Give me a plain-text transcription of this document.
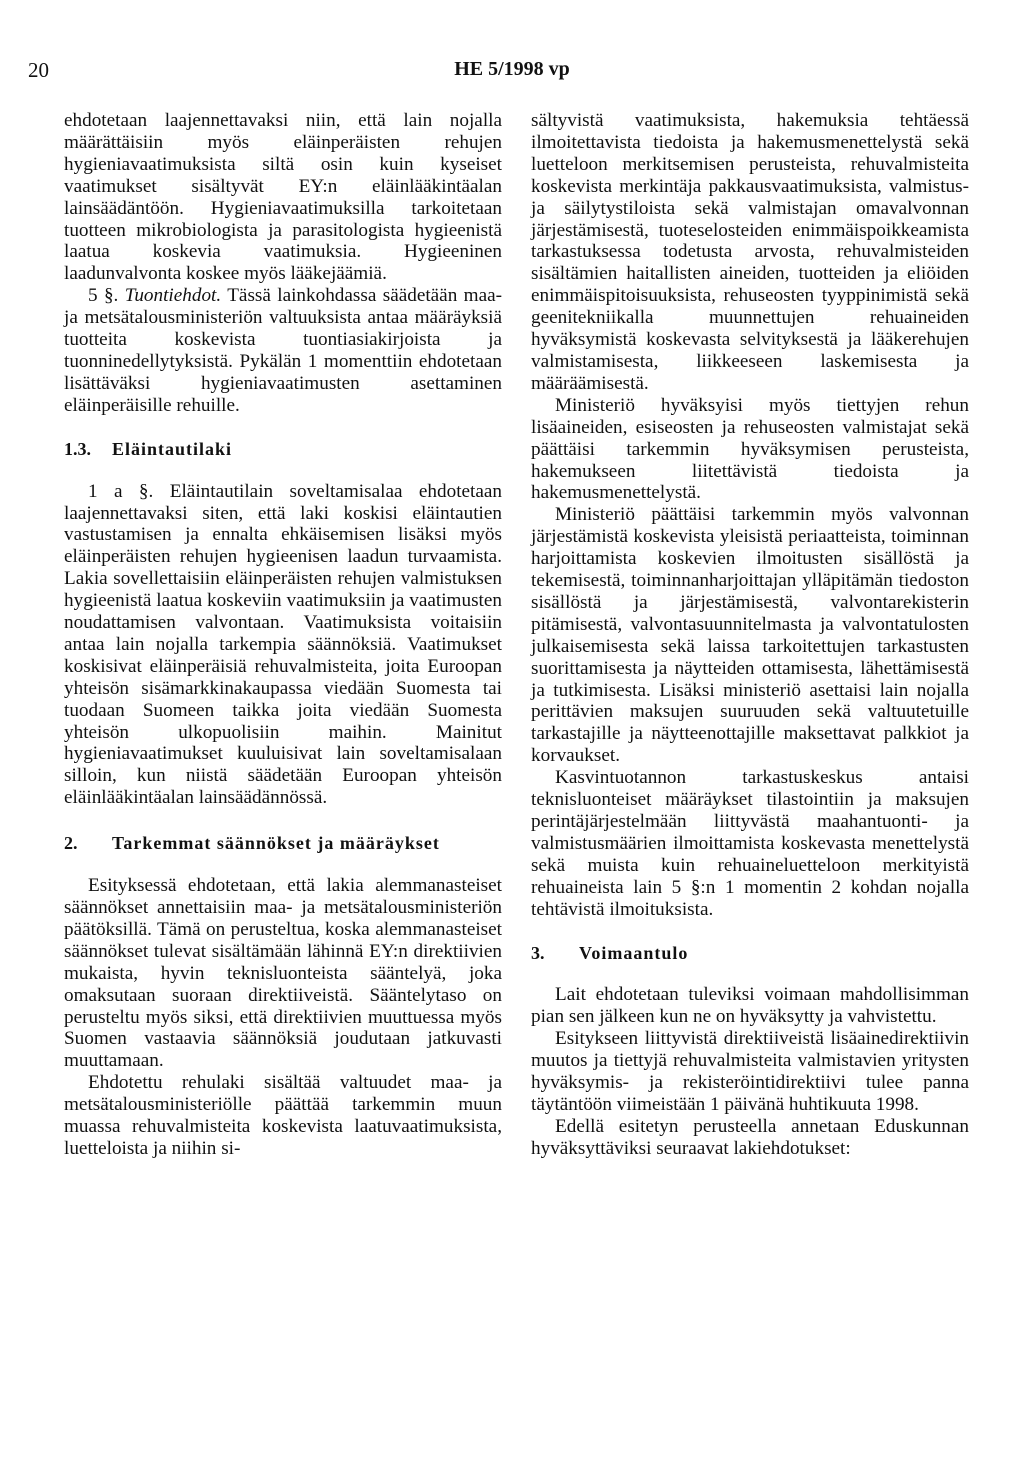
20	HE 5/1998 vp

ehdotetaan laajennettavaksi niin, että lain nojalla määrättäisiin myös eläinperäisten rehujen hygieniavaatimuksista siltä osin kuin kyseiset vaatimukset sisältyvät EY:n eläinlääkintäalan lainsäädäntöön. Hygieniavaatimuksilla tarkoitetaan tuotteen mikrobiologista ja parasitologista hygieenistä laatua koskevia vaatimuksia. Hygieeninen laadunvalvonta koskee myös lääkejäämiä.

5 §. Tuontiehdot. Tässä lainkohdassa säädetään maa- ja metsätalousministeriön valtuuksista antaa määräyksiä tuotteita koskevista tuontiasiakirjoista ja tuonninedellytyksistä. Pykälän 1 momenttiin ehdotetaan lisättäväksi hygieniavaatimusten asettaminen eläinperäisille rehuille.

1.3. Eläintautilaki

1 a §. Eläintautilain soveltamisalaa ehdotetaan laajennettavaksi siten, että laki koskisi eläintautien vastustamisen ja ennalta ehkäisemisen lisäksi myös eläinperäisten rehujen hygieenisen laadun turvaamista. Lakia sovellettaisiin eläinperäisten rehujen valmistuksen hygieenistä laatua koskeviin vaatimuksiin ja vaatimusten noudattamisen valvontaan. Vaatimuksista voitaisiin antaa lain nojalla tarkempia säännöksiä. Vaatimukset koskisivat eläinperäisiä rehuvalmisteita, joita Euroopan yhteisön sisämarkkinakaupassa viedään Suomesta tai tuodaan Suomeen taikka joita viedään Suomesta yhteisön ulkopuolisiin maihin. Mainitut hygieniavaatimukset kuuluisivat lain soveltamisalaan silloin, kun niistä säädetään Euroopan yhteisön eläinlääkintäalan lainsäädännössä.

2.	Tarkemmat säännökset ja määräykset

Esityksessä ehdotetaan, että lakia alemmanasteiset säännökset annettaisiin maa- ja metsätalousministeriön päätöksillä. Tämä on perusteltua, koska alemmanasteiset säännökset tulevat sisältämään lähinnä EY:n direktiivien mukaista, hyvin teknisluonteista sääntelyä, joka omaksutaan suoraan direktiiveistä. Sääntelytaso on perusteltu myös siksi, että direktiivien muuttuessa myös Suomen vastaavia säännöksiä joudutaan jatkuvasti muuttamaan.

Ehdotettu rehulaki sisältää valtuudet maa- ja metsätalousministeriölle päättää tarkemmin muun muassa rehuvalmisteita koskevista laatuvaatimuksista, luetteloista ja niihin si-

sältyvistä vaatimuksista, hakemuksia tehtäessä ilmoitettavista tiedoista ja hakemusmenettelystä sekä luetteloon merkitsemisen perusteista, rehuvalmisteita koskevista merkintäja pakkausvaatimuksista, valmistus- ja säilytystiloista sekä valmistajan omavalvonnan järjestämisestä, tuoteselosteiden enimmäispoikkeamista tarkastuksessa todetusta arvosta, rehuvalmisteiden sisältämien haitallisten aineiden, tuotteiden ja eliöiden enimmäispitoisuuksista, rehuseosten tyyppinimistä sekä geenitekniikalla muunnettujen rehuaineiden hyväksymistä koskevasta selvityksestä ja lääkerehujen valmistamisesta, liikkeeseen laskemisesta ja määräämisestä.

Ministeriö hyväksyisi myös tiettyjen rehun lisäaineiden, esiseosten ja rehuseosten valmistajat sekä päättäisi tarkemmin hyväksymisen perusteista, hakemukseen liitettävistä tiedoista ja hakemusmenettelystä.

Ministeriö päättäisi tarkemmin myös valvonnan järjestämistä koskevista yleisistä periaatteista, toiminnan harjoittamista koskevien ilmoitusten sisällöstä ja tekemisestä, toiminnanharjoittajan ylläpitämän tiedoston sisällöstä ja järjestämisestä, valvontarekisterin pitämisestä, valvontasuunnitelmasta ja valvontatulosten julkaisemisesta sekä laissa tarkoitettujen tarkastusten suorittamisesta ja näytteiden ottamisesta, lähettämisestä ja tutkimisesta. Lisäksi ministeriö asettaisi lain nojalla perittävien maksujen suuruuden sekä valtuutetuille tarkastajille ja näytteenottajille maksettavat palkkiot ja korvaukset.

Kasvintuotannon tarkastuskeskus antaisi teknisluonteiset määräykset tilastointiin ja maksujen perintäjärjestelmään liittyvästä maahantuonti- ja valmistusmäärien ilmoittamista koskevasta menettelystä sekä muista kuin rehuaineluetteloon merkityistä rehuaineista lain 5 §:n 1 momentin 2 kohdan nojalla tehtävistä ilmoituksista.

3. Voimaantulo

Lait ehdotetaan tuleviksi voimaan mahdollisimman pian sen jälkeen kun ne on hyväksytty ja vahvistettu.

Esitykseen liittyvistä direktiiveistä lisäainedirektiivin muutos ja tiettyjä rehuvalmisteita valmistavien yritysten hyväksymis- ja rekisteröintidirektiivi tulee panna täytäntöön viimeistään 1 päivänä huhtikuuta 1998.

Edellä esitetyn perusteella annetaan Eduskunnan hyväksyttäviksi seuraavat lakiehdotukset:
